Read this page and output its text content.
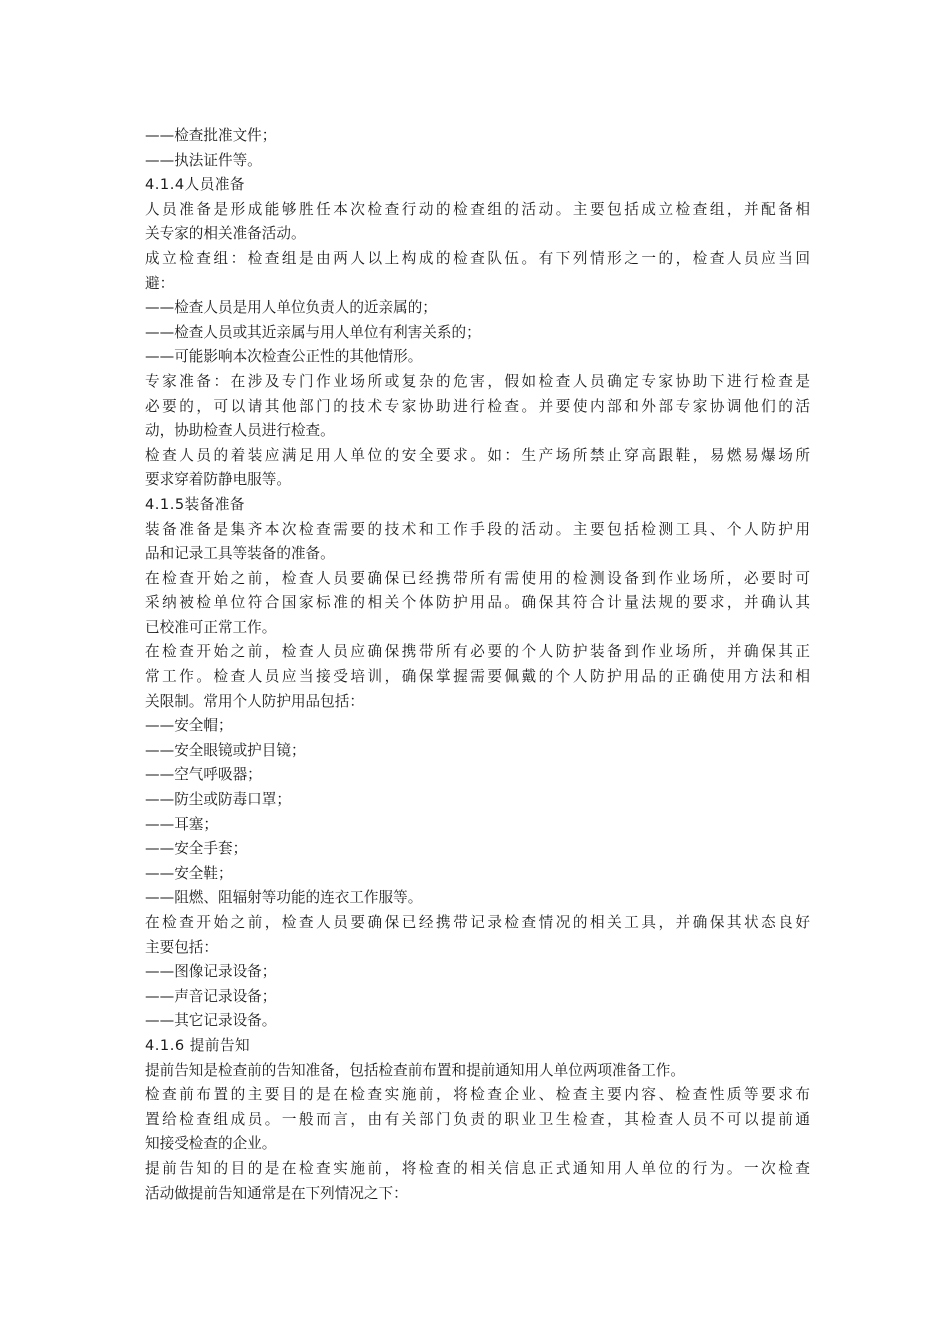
——检查批准文件；
——执法证件等。
4.1.4人员准备
人员准备是形成能够胜任本次检查行动的检查组的活动。主要包括成立检查组，并配备相
关专家的相关准备活动。
成立检查组：检查组是由两人以上构成的检查队伍。有下列情形之一的，检查人员应当回
避：
——检查人员是用人单位负责人的近亲属的；
——检查人员或其近亲属与用人单位有利害关系的；
——可能影响本次检查公正性的其他情形。
专家准备：在涉及专门作业场所或复杂的危害，假如检查人员确定专家协助下进行检查是
必要的，可以请其他部门的技术专家协助进行检查。并要使内部和外部专家协调他们的活
动，协助检查人员进行检查。
检查人员的着装应满足用人单位的安全要求。如：生产场所禁止穿高跟鞋，易燃易爆场所
要求穿着防静电服等。
4.1.5装备准备
装备准备是集齐本次检查需要的技术和工作手段的活动。主要包括检测工具、个人防护用
品和记录工具等装备的准备。
在检查开始之前，检查人员要确保已经携带所有需使用的检测设备到作业场所，必要时可
采纳被检单位符合国家标准的相关个体防护用品。确保其符合计量法规的要求，并确认其
已校准可正常工作。
在检查开始之前，检查人员应确保携带所有必要的个人防护装备到作业场所，并确保其正
常工作。检查人员应当接受培训，确保掌握需要佩戴的个人防护用品的正确使用方法和相
关限制。常用个人防护用品包括：
——安全帽；
——安全眼镜或护目镜；
——空气呼吸器；
——防尘或防毒口罩；
——耳塞；
——安全手套；
——安全鞋；
——阻燃、阻辐射等功能的连衣工作服等。
在检查开始之前，检查人员要确保已经携带记录检查情况的相关工具，并确保其状态良好
主要包括：
——图像记录设备；
——声音记录设备；
——其它记录设备。
4.1.6 提前告知
提前告知是检查前的告知准备，包括检查前布置和提前通知用人单位两项准备工作。
检查前布置的主要目的是在检查实施前，将检查企业、检查主要内容、检查性质等要求布
置给检查组成员。一般而言，由有关部门负责的职业卫生检查，其检查人员不可以提前通
知接受检查的企业。
提前告知的目的是在检查实施前，将检查的相关信息正式通知用人单位的行为。一次检查
活动做提前告知通常是在下列情况之下：
